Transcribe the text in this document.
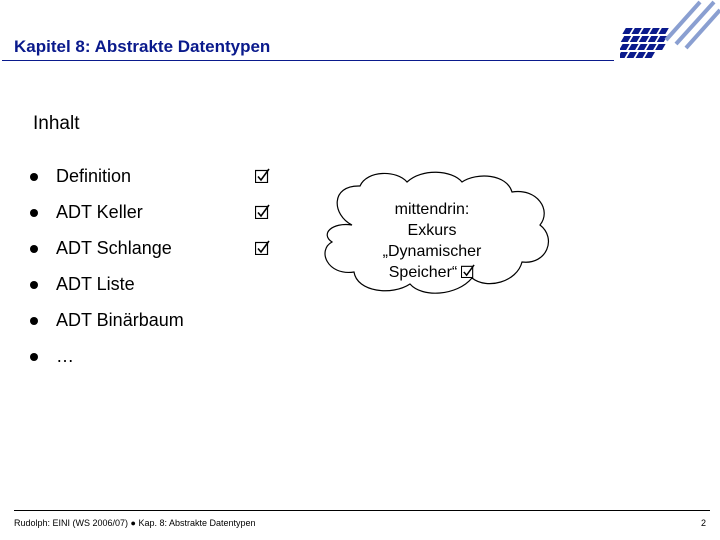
Kapitel 8: Abstrakte Datentypen
Inhalt
Definition
ADT Keller
ADT Schlange
ADT Liste
ADT Binärbaum
…
mittendrin:
Exkurs
„Dynamischer
Speicher“
Rudolph: EINI (WS 2006/07) ● Kap. 8: Abstrakte Datentypen	2
